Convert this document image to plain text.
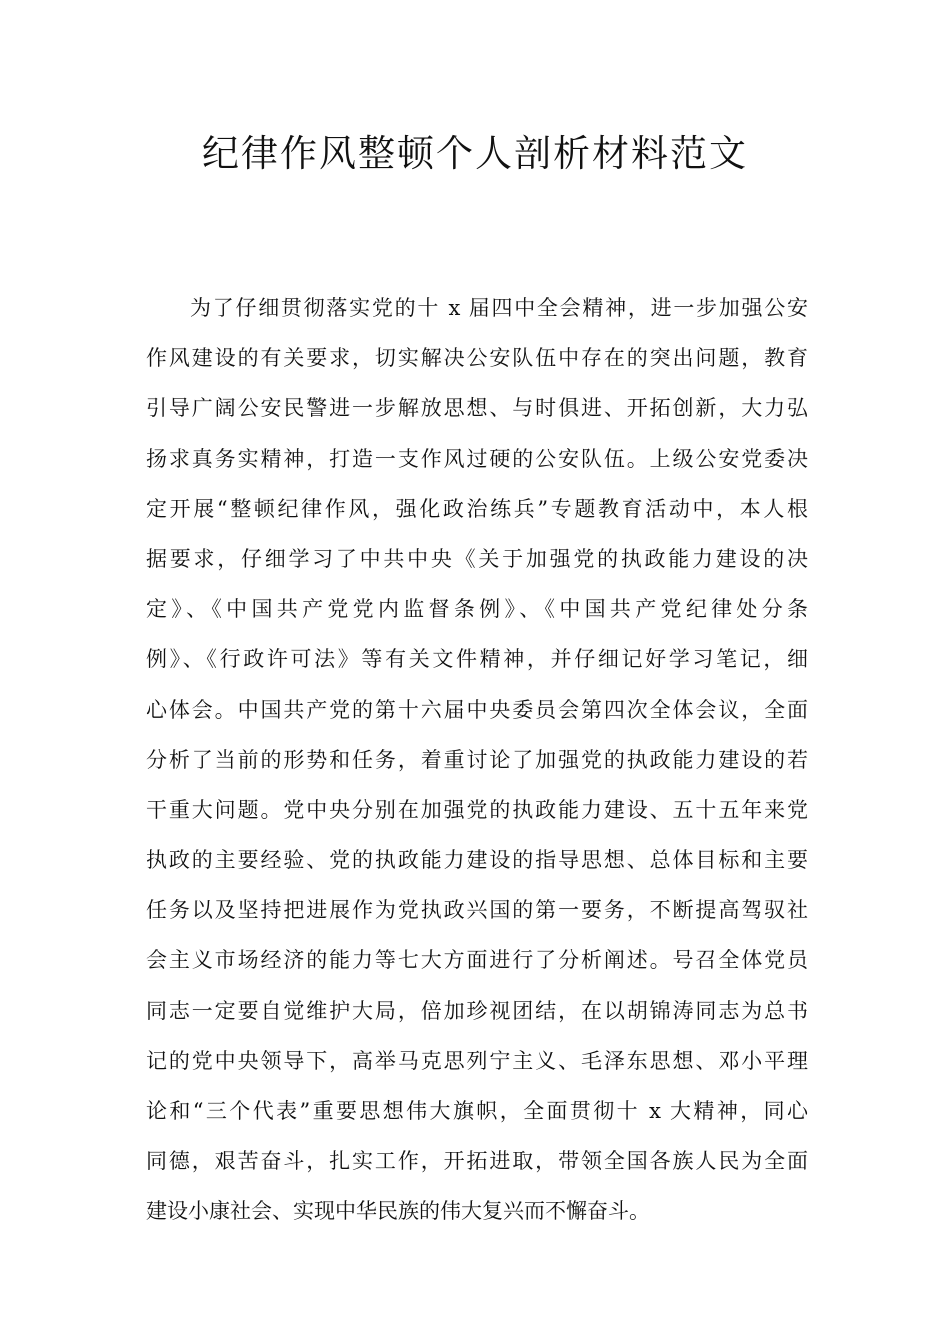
纪律作风整顿个人剖析材料范文
为了仔细贯彻落实党的十 x 届四中全会精神，进一步加强公安
作风建设的有关要求，切实解决公安队伍中存在的突出问题，教育
引导广阔公安民警进一步解放思想、与时俱进、开拓创新，大力弘
扬求真务实精神，打造一支作风过硬的公安队伍。上级公安党委决
定开展“整顿纪律作风，强化政治练兵”专题教育活动中，本人根
据要求，仔细学习了中共中央《关于加强党的执政能力建设的决
定》、《中国共产党党内监督条例》、《中国共产党纪律处分条
例》、《行政许可法》等有关文件精神，并仔细记好学习笔记，细
心体会。中国共产党的第十六届中央委员会第四次全体会议，全面
分析了当前的形势和任务，着重讨论了加强党的执政能力建设的若
干重大问题。党中央分别在加强党的执政能力建设、五十五年来党
执政的主要经验、党的执政能力建设的指导思想、总体目标和主要
任务以及坚持把进展作为党执政兴国的第一要务，不断提高驾驭社
会主义市场经济的能力等七大方面进行了分析阐述。号召全体党员
同志一定要自觉维护大局，倍加珍视团结，在以胡锦涛同志为总书
记的党中央领导下，高举马克思列宁主义、毛泽东思想、邓小平理
论和“三个代表”重要思想伟大旗帜，全面贯彻十 x 大精神，同心
同德，艰苦奋斗，扎实工作，开拓进取，带领全国各族人民为全面
建设小康社会、实现中华民族的伟大复兴而不懈奋斗。
